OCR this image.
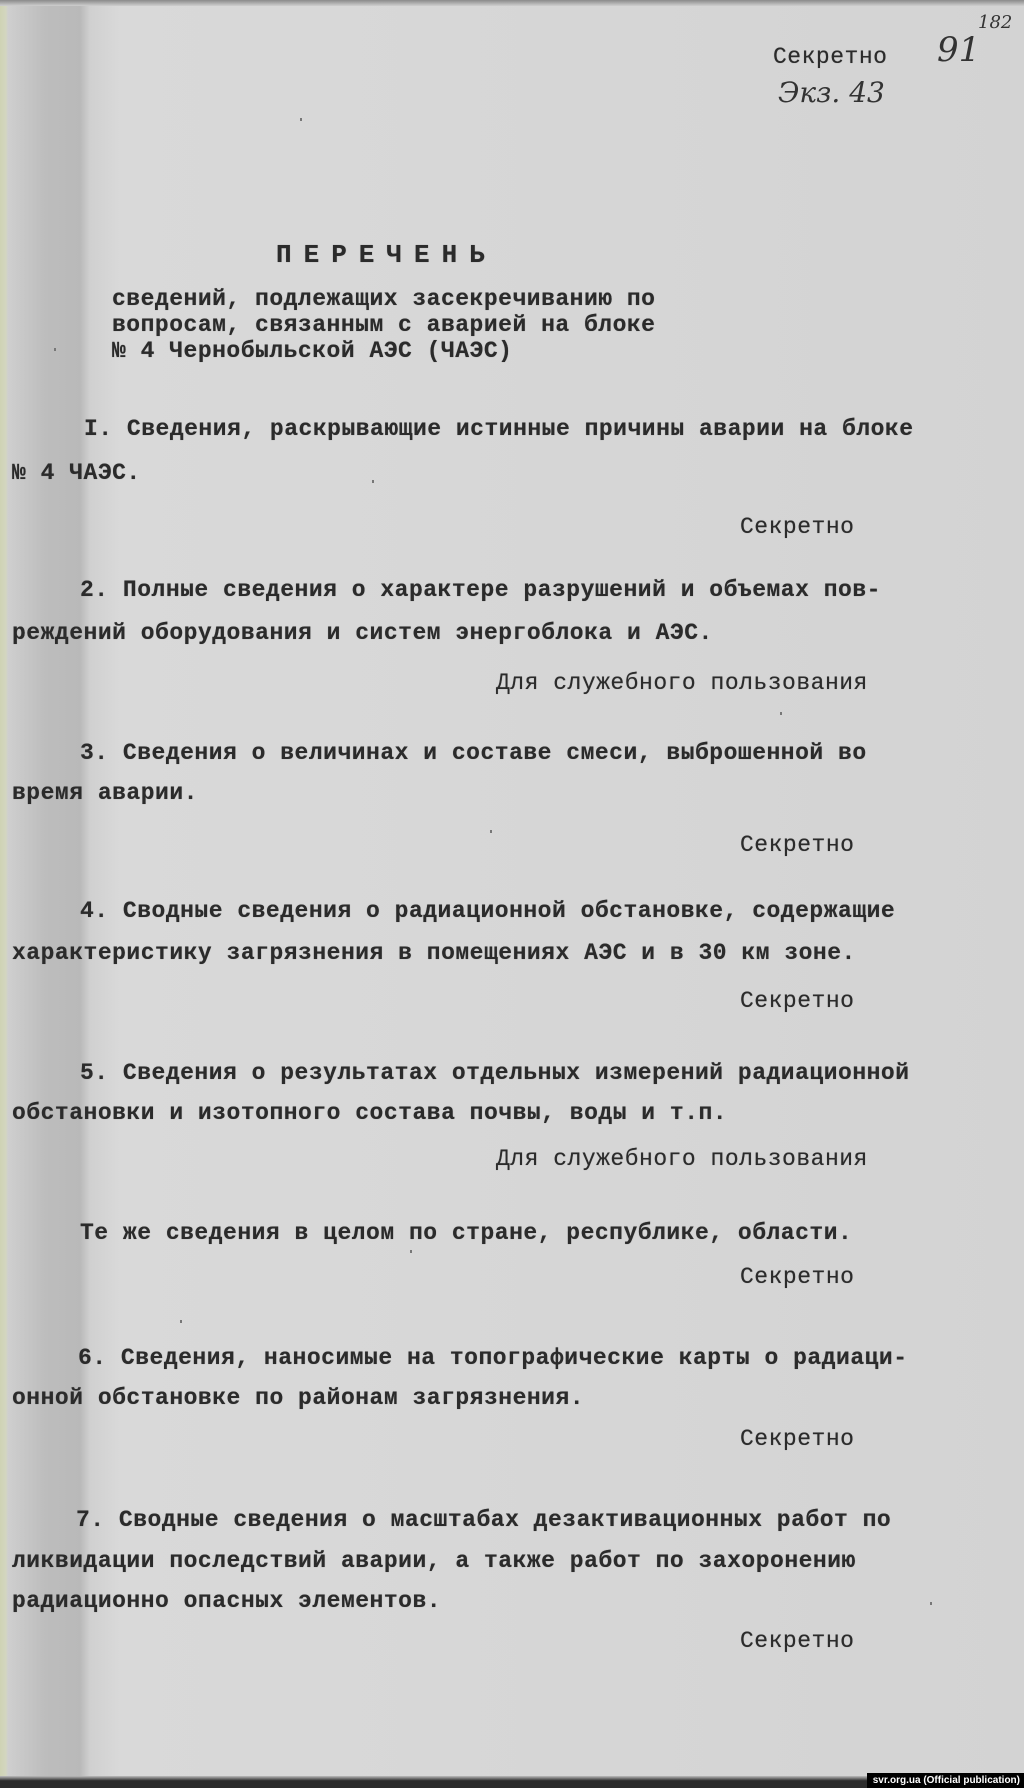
Секретно 91
182
Экз. 43
ПЕРЕЧЕНЬ
сведений, подлежащих засекречиванию по
вопросам, связанным с аварией на блоке
№ 4 Чернобыльской АЭС (ЧАЭС)
I. Сведения, раскрывающие истинные причины аварии на блоке
№ 4 ЧАЭС.
Секретно
2. Полные сведения о характере разрушений и объемах пов-
реждений оборудования и систем энергоблока и АЭС.
Для служебного пользования
3. Сведения о величинах и составе смеси, выброшенной во
время аварии.
Секретно
4. Сводные сведения о радиационной обстановке, содержащие
характеристику загрязнения в помещениях АЭС и в 30 км зоне.
Секретно
5. Сведения о результатах отдельных измерений радиационной
обстановки и изотопного состава почвы, воды и т.п.
Для служебного пользования
Те же сведения в целом по стране, республике, области.
Секретно
6. Сведения, наносимые на топографические карты о радиаци-
онной обстановке по районам загрязнения.
Секретно
7. Сводные сведения о масштабах дезактивационных работ по
ликвидации последствий аварии, а также работ по захоронению
радиационно опасных элементов.
Секретно
svr.org.ua (Official publication)
